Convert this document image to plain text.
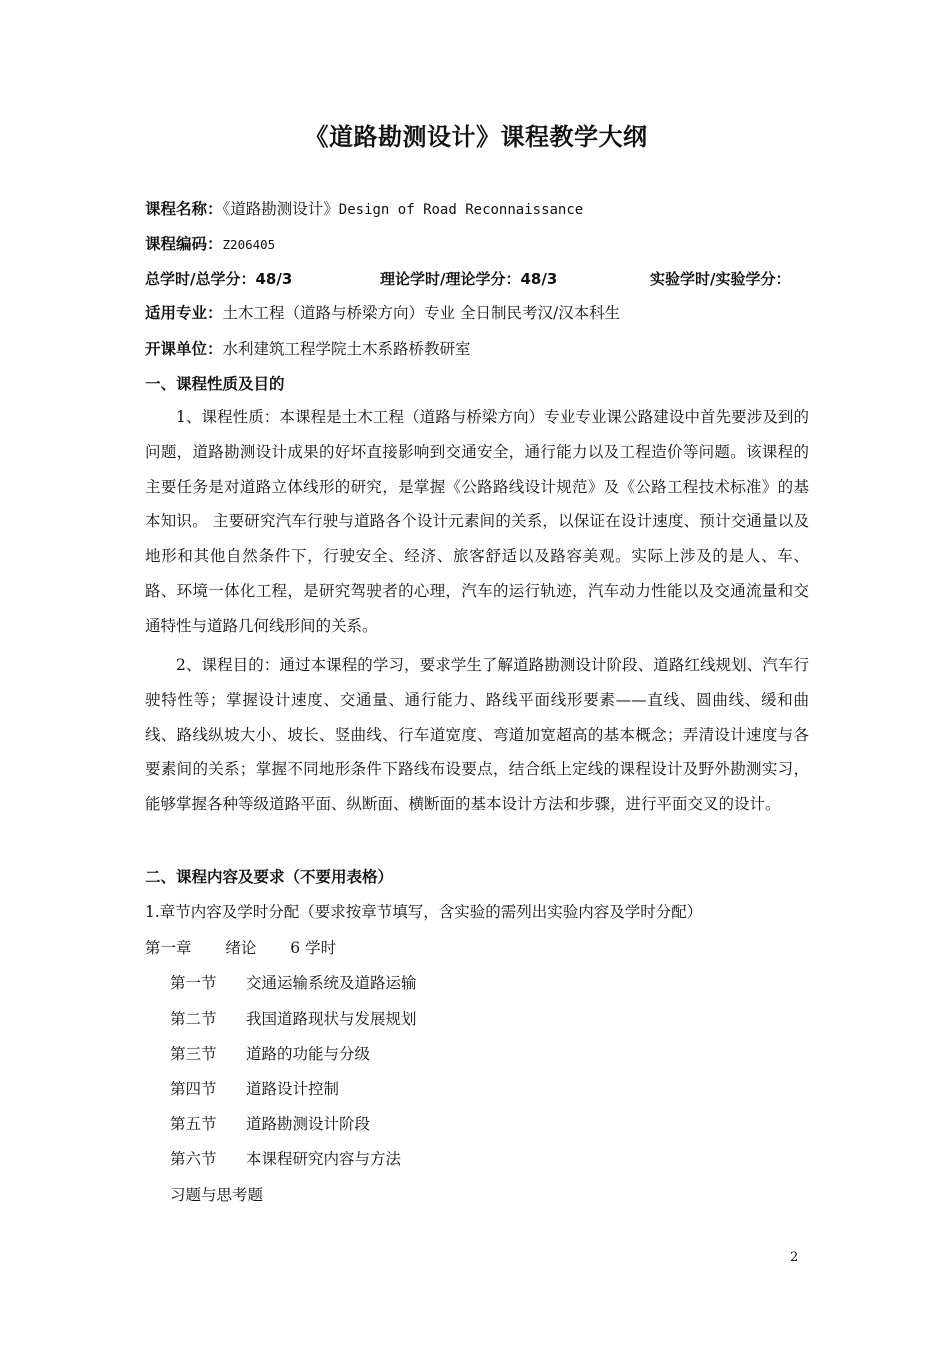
《道路勘测设计》课程教学大纲
课程名称：《道路勘测设计》Design of Road Reconnaissance
课程编码：Z206405
总学时/总学分：48/3	理论学时/理论学分：48/3	实验学时/实验学分：
适用专业：土木工程（道路与桥梁方向）专业 全日制民考汉/汉本科生
开课单位：水利建筑工程学院土木系路桥教研室
一、课程性质及目的
1、课程性质：本课程是土木工程（道路与桥梁方向）专业专业课公路建设中首先要涉及到的问题，道路勘测设计成果的好坏直接影响到交通安全，通行能力以及工程造价等问题。该课程的主要任务是对道路立体线形的研究，是掌握《公路路线设计规范》及《公路工程技术标准》的基本知识。 主要研究汽车行驶与道路各个设计元素间的关系，以保证在设计速度、预计交通量以及地形和其他自然条件下，行驶安全、经济、旅客舒适以及路容美观。实际上涉及的是人、车、路、环境一体化工程，是研究驾驶者的心理，汽车的运行轨迹，汽车动力性能以及交通流量和交通特性与道路几何线形间的关系。
2、课程目的：通过本课程的学习，要求学生了解道路勘测设计阶段、道路红线规划、汽车行驶特性等；掌握设计速度、交通量、通行能力、路线平面线形要素——直线、圆曲线、缓和曲线、路线纵坡大小、坡长、竖曲线、行车道宽度、弯道加宽超高的基本概念；弄清设计速度与各要素间的关系；掌握不同地形条件下路线布设要点，结合纸上定线的课程设计及野外勘测实习，能够掌握各种等级道路平面、纵断面、横断面的基本设计方法和步骤，进行平面交叉的设计。
二、课程内容及要求（不要用表格）
1.章节内容及学时分配（要求按章节填写，含实验的需列出实验内容及学时分配）
第一章 绪论 6 学时
第一节 交通运输系统及道路运输
第二节 我国道路现状与发展规划
第三节 道路的功能与分级
第四节 道路设计控制
第五节 道路勘测设计阶段
第六节 本课程研究内容与方法
习题与思考题
2
